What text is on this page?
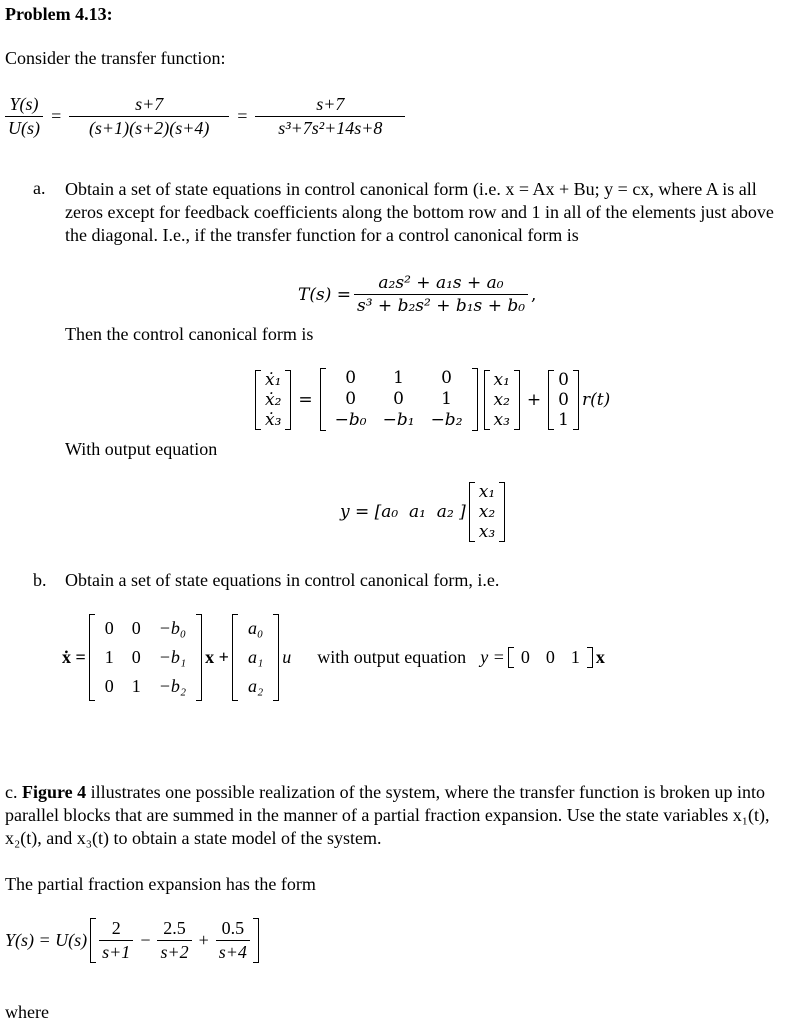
Problem 4.13:
Consider the transfer function:
$\frac{Y(s)}{U(s)} = \frac{s+7}{(s+1)(s+2)(s+4)} = \frac{s+7}{\text{s³+7s²+14s+8}}$
a. Obtain a set of state equations in control canonical form (i.e. x = Ax + Bu; y = cx, where A is all zeros except for feedback coefficients along the bottom row and 1 in all of the elements just above the diagonal. I.e., if the transfer function for a control canonical form is
$T(s) = \frac{\text{a₂s² + a₁s + a₀}}{\text{s³ + b₂s² + b₁s + b₀}}$ ,
Then the control canonical form is
ẋ₁
ẋ₂
ẋ₃
=
0	1	0
0	0	1
−b₀	−b₁	−b₂
x₁
x₂
x₃
+
0
0
1
r(t)
With output equation
y = [a₀  a₁  a₂ ]
x₁
x₂
x₃
b. Obtain a set of state equations in control canonical form, i.e.
ẋ =
0	0	−b₀
1	0	−b₁
0	1	−b₂
x +
a₀
a₁
a₂
u with output equation y = 0	0	1 x
c. Figure 4 illustrates one possible realization of the system, where the transfer function is broken up into parallel blocks that are summed in the manner of a partial fraction expansion. Use the state variables x₁(t), x₂(t), and x₃(t) to obtain a state model of the system.
The partial fraction expansion has the form
$Y(s) = U(s) \frac{2}{s+1} - \frac{2.5}{s+2} + \frac{0.5}{s+4}$
where
